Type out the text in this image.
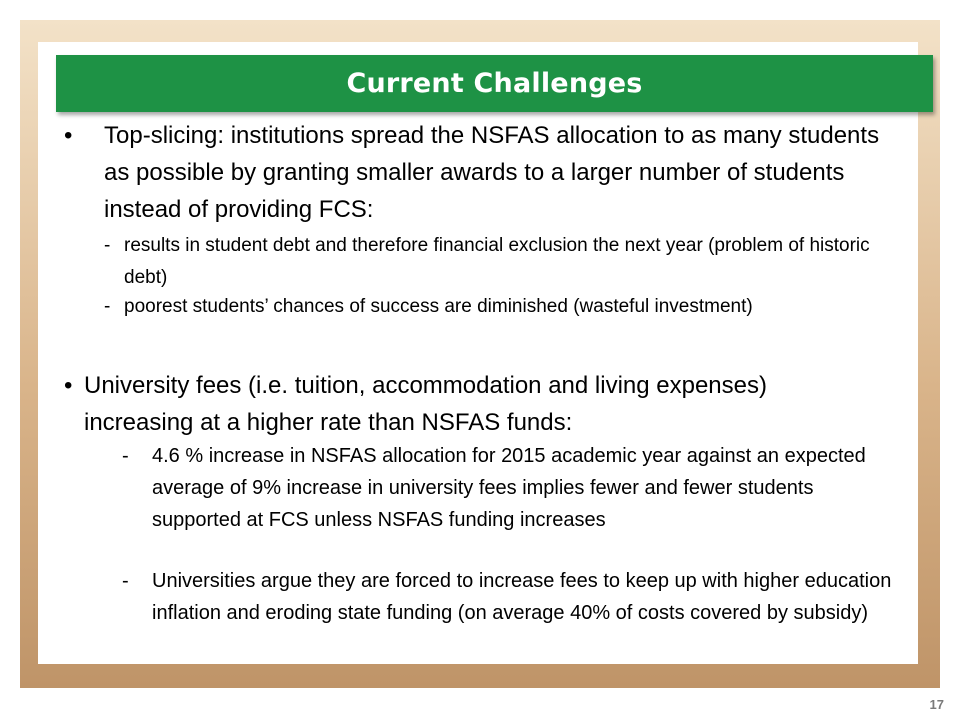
Current Challenges
•	Top-slicing: institutions spread the NSFAS allocation to as many students as possible by granting smaller awards to a larger number of students instead of providing FCS:
- results in student debt and therefore financial exclusion the next year (problem of historic debt)
- poorest students’ chances of success are diminished (wasteful investment)
• University fees (i.e. tuition, accommodation and living expenses) increasing at a higher rate than NSFAS funds:
-	4.6 % increase in NSFAS allocation for 2015 academic year against an expected average of 9% increase in university fees implies fewer and fewer students supported at FCS unless NSFAS funding increases
-	Universities argue they are forced to increase fees to keep up with higher education inflation and eroding state funding (on average 40% of costs covered by subsidy)
17
